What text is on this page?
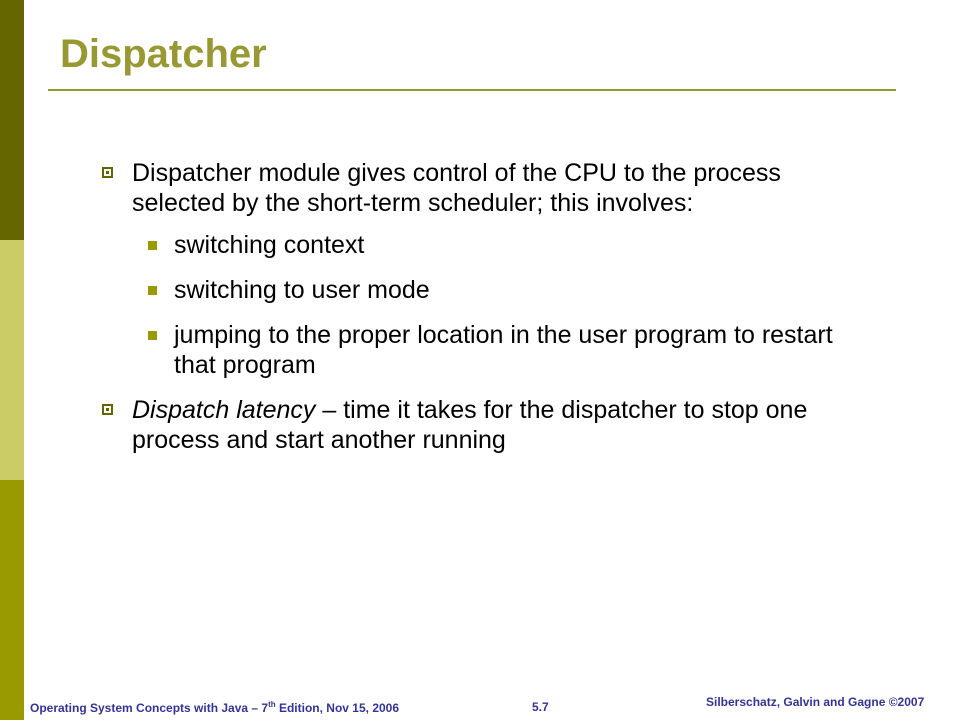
Dispatcher
Dispatcher module gives control of the CPU to the process selected by the short-term scheduler; this involves:
switching context
switching to user mode
jumping to the proper location in the user program to restart that program
Dispatch latency – time it takes for the dispatcher to stop one process and start another running
Operating System Concepts with Java – 7th Edition, Nov 15, 2006	5.7	Silberschatz, Galvin and Gagne ©2007
